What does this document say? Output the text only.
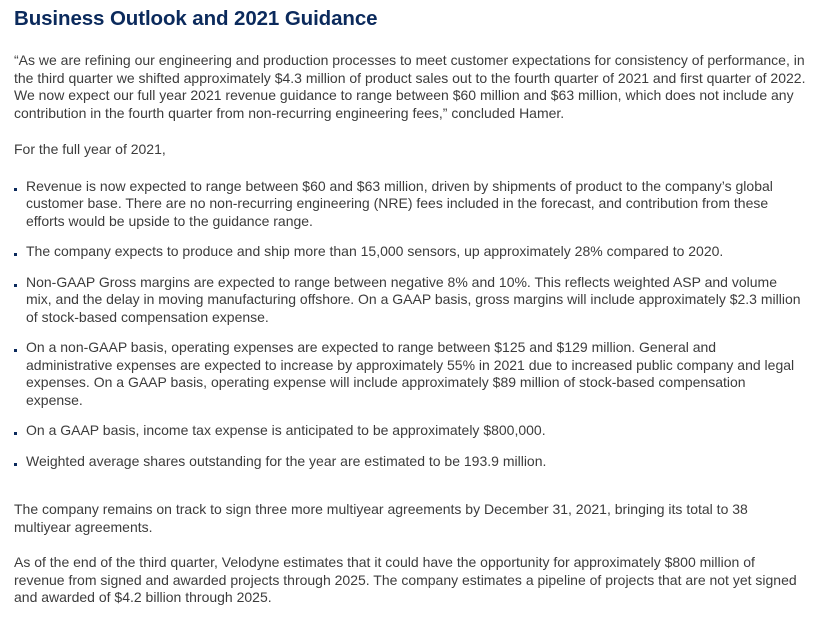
Business Outlook and 2021 Guidance

“As we are refining our engineering and production processes to meet customer expectations for consistency of performance, in the third quarter we shifted approximately $4.3 million of product sales out to the fourth quarter of 2021 and first quarter of 2022. We now expect our full year 2021 revenue guidance to range between $60 million and $63 million, which does not include any contribution in the fourth quarter from non-recurring engineering fees,” concluded Hamer.

For the full year of 2021,

Revenue is now expected to range between $60 and $63 million, driven by shipments of product to the company’s global customer base. There are no non-recurring engineering (NRE) fees included in the forecast, and contribution from these efforts would be upside to the guidance range.
The company expects to produce and ship more than 15,000 sensors, up approximately 28% compared to 2020.
Non-GAAP Gross margins are expected to range between negative 8% and 10%. This reflects weighted ASP and volume mix, and the delay in moving manufacturing offshore. On a GAAP basis, gross margins will include approximately $2.3 million of stock-based compensation expense.
On a non-GAAP basis, operating expenses are expected to range between $125 and $129 million. General and administrative expenses are expected to increase by approximately 55% in 2021 due to increased public company and legal expenses. On a GAAP basis, operating expense will include approximately $89 million of stock-based compensation expense.
On a GAAP basis, income tax expense is anticipated to be approximately $800,000.
Weighted average shares outstanding for the year are estimated to be 193.9 million.

The company remains on track to sign three more multiyear agreements by December 31, 2021, bringing its total to 38 multiyear agreements.

As of the end of the third quarter, Velodyne estimates that it could have the opportunity for approximately $800 million of revenue from signed and awarded projects through 2025. The company estimates a pipeline of projects that are not yet signed and awarded of $4.2 billion through 2025.
